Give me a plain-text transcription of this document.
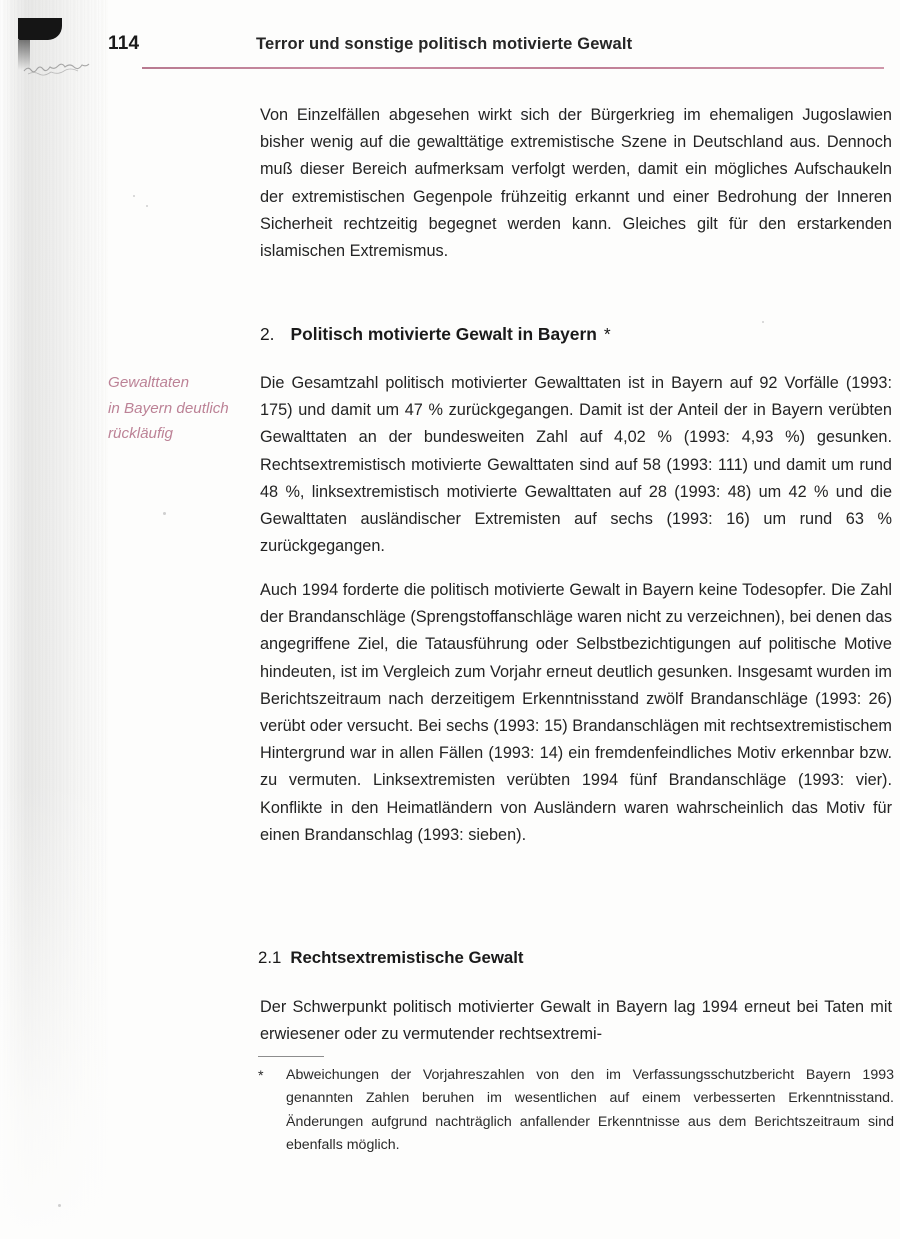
114	Terror und sonstige politisch motivierte Gewalt

Von Einzelfällen abgesehen wirkt sich der Bürgerkrieg im ehemaligen Jugoslawien bisher wenig auf die gewalttätige extremistische Szene in Deutschland aus. Dennoch muß dieser Bereich aufmerksam verfolgt werden, damit ein mögliches Aufschaukeln der extremistischen Gegenpole frühzeitig erkannt und einer Bedrohung der Inneren Sicherheit rechtzeitig begegnet werden kann. Gleiches gilt für den erstarkenden islamischen Extremismus.

2. Politisch motivierte Gewalt in Bayern *
Gewalttaten
in Bayern deutlich
rückläufig

Die Gesamtzahl politisch motivierter Gewalttaten ist in Bayern auf 92 Vorfälle (1993: 175) und damit um 47 % zurückgegangen. Damit ist der Anteil der in Bayern verübten Gewalttaten an der bundesweiten Zahl auf 4,02 % (1993: 4,93 %) gesunken. Rechtsextremistisch motivierte Gewalttaten sind auf 58 (1993: 111) und damit um rund 48 %, linksextremistisch motivierte Gewalttaten auf 28 (1993: 48) um 42 % und die Gewalttaten ausländischer Extremisten auf sechs (1993: 16) um rund 63 % zurückgegangen.

Auch 1994 forderte die politisch motivierte Gewalt in Bayern keine Todesopfer. Die Zahl der Brandanschläge (Sprengstoffanschläge waren nicht zu verzeichnen), bei denen das angegriffene Ziel, die Tatausführung oder Selbstbezichtigungen auf politische Motive hindeuten, ist im Vergleich zum Vorjahr erneut deutlich gesunken. Insgesamt wurden im Berichtszeitraum nach derzeitigem Erkenntnisstand zwölf Brandanschläge (1993: 26) verübt oder versucht. Bei sechs (1993: 15) Brandanschlägen mit rechtsextremistischem Hintergrund war in allen Fällen (1993: 14) ein fremdenfeindliches Motiv erkennbar bzw. zu vermuten. Linksextremisten verübten 1994 fünf Brandanschläge (1993: vier). Konflikte in den Heimatländern von Ausländern waren wahrscheinlich das Motiv für einen Brandanschlag (1993: sieben).

2.1 Rechtsextremistische Gewalt

Der Schwerpunkt politisch motivierter Gewalt in Bayern lag 1994 erneut bei Taten mit erwiesener oder zu vermutender rechtsextremi-

*	Abweichungen der Vorjahreszahlen von den im Verfassungsschutzbericht Bayern 1993 genannten Zahlen beruhen im wesentlichen auf einem verbesserten Erkenntnisstand. Änderungen aufgrund nachträglich anfallender Erkenntnisse aus dem Berichtszeitraum sind ebenfalls möglich.
